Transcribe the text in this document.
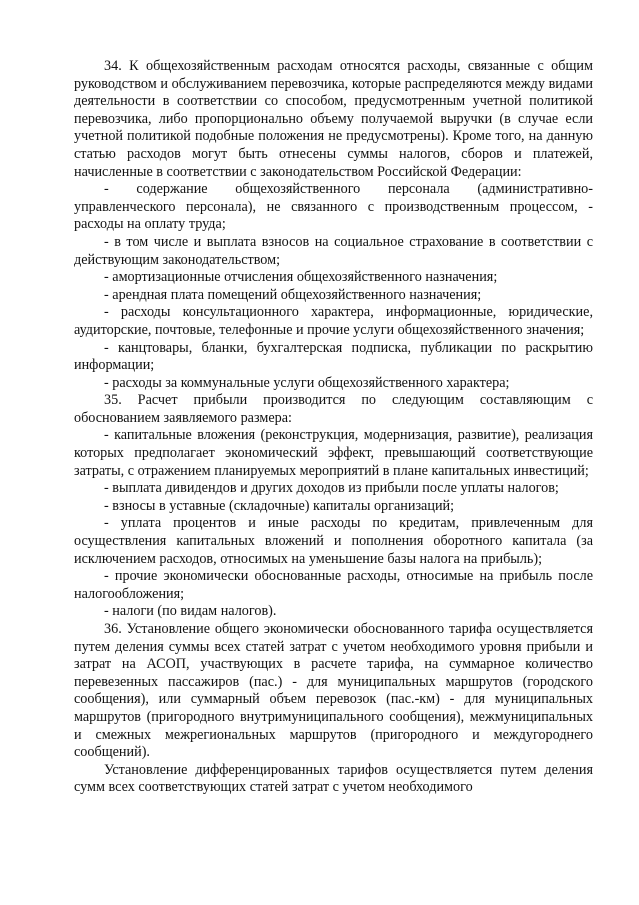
34. К общехозяйственным расходам относятся расходы, связанные с общим руководством и обслуживанием перевозчика, которые распределяются между видами деятельности в соответствии со способом, предусмотренным учетной политикой перевозчика, либо пропорционально объему получаемой выручки (в случае если учетной политикой подобные положения не предусмотрены). Кроме того, на данную статью расходов могут быть отнесены суммы налогов, сборов и платежей, начисленные в соответствии с законодательством Российской Федерации:

- содержание общехозяйственного персонала (административно-управленческого персонала), не связанного с производственным процессом, - расходы на оплату труда;

- в том числе и выплата взносов на социальное страхование в соответствии с действующим законодательством;

- амортизационные отчисления общехозяйственного назначения;

- арендная плата помещений общехозяйственного назначения;

- расходы консультационного характера, информационные, юридические, аудиторские, почтовые, телефонные и прочие услуги общехозяйственного значения;

- канцтовары, бланки, бухгалтерская подписка, публикации по раскрытию информации;

- расходы за коммунальные услуги общехозяйственного характера;

35. Расчет прибыли производится по следующим составляющим с обоснованием заявляемого размера:

- капитальные вложения (реконструкция, модернизация, развитие), реализация которых предполагает экономический эффект, превышающий соответствующие затраты, с отражением планируемых мероприятий в плане капитальных инвестиций;

- выплата дивидендов и других доходов из прибыли после уплаты налогов;

- взносы в уставные (складочные) капиталы организаций;

- уплата процентов и иные расходы по кредитам, привлеченным для осуществления капитальных вложений и пополнения оборотного капитала (за исключением расходов, относимых на уменьшение базы налога на прибыль);

- прочие экономически обоснованные расходы, относимые на прибыль после налогообложения;

- налоги (по видам налогов).

36. Установление общего экономически обоснованного тарифа осуществляется путем деления суммы всех статей затрат с учетом необходимого уровня прибыли и затрат на АСОП, участвующих в расчете тарифа, на суммарное количество перевезенных пассажиров (пас.) - для муниципальных маршрутов (городского сообщения), или суммарный объем перевозок (пас.-км) - для муниципальных маршрутов (пригородного внутримуниципального сообщения), межмуниципальных и смежных межрегиональных маршрутов (пригородного и междугороднего сообщений).

Установление дифференцированных тарифов осуществляется путем деления сумм всех соответствующих статей затрат с учетом необходимого
